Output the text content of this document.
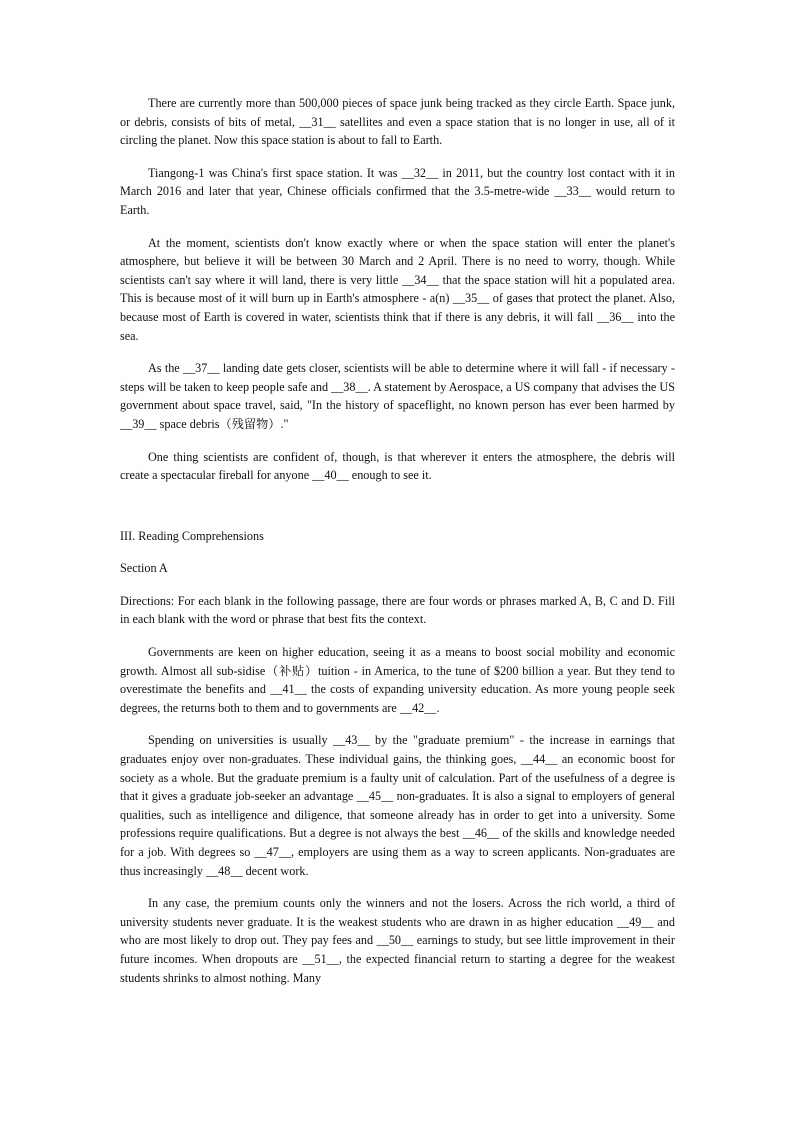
There are currently more than 500,000 pieces of space junk being tracked as they circle Earth. Space junk, or debris, consists of bits of metal, __31__ satellites and even a space station that is no longer in use, all of it circling the planet. Now this space station is about to fall to Earth.

Tiangong-1 was China's first space station. It was __32__ in 2011, but the country lost contact with it in March 2016 and later that year, Chinese officials confirmed that the 3.5-metre-wide __33__ would return to Earth.

At the moment, scientists don't know exactly where or when the space station will enter the planet's atmosphere, but believe it will be between 30 March and 2 April. There is no need to worry, though. While scientists can't say where it will land, there is very little __34__ that the space station will hit a populated area. This is because most of it will burn up in Earth's atmosphere - a(n) __35__ of gases that protect the planet. Also, because most of Earth is covered in water, scientists think that if there is any debris, it will fall __36__ into the sea.

As the __37__ landing date gets closer, scientists will be able to determine where it will fall - if necessary - steps will be taken to keep people safe and __38__. A statement by Aerospace, a US company that advises the US government about space travel, said, "In the history of spaceflight, no known person has ever been harmed by __39__ space debris（残留物）."

One thing scientists are confident of, though, is that wherever it enters the atmosphere, the debris will create a spectacular fireball for anyone __40__ enough to see it.

III. Reading Comprehensions

Section A

Directions: For each blank in the following passage, there are four words or phrases marked A, B, C and D. Fill in each blank with the word or phrase that best fits the context.

Governments are keen on higher education, seeing it as a means to boost social mobility and economic growth. Almost all sub-sidise（补贴）tuition - in America, to the tune of $200 billion a year. But they tend to overestimate the benefits and __41__ the costs of expanding university education. As more young people seek degrees, the returns both to them and to governments are __42__.

Spending on universities is usually __43__ by the "graduate premium" - the increase in earnings that graduates enjoy over non-graduates. These individual gains, the thinking goes, __44__ an economic boost for society as a whole. But the graduate premium is a faulty unit of calculation. Part of the usefulness of a degree is that it gives a graduate job-seeker an advantage __45__ non-graduates. It is also a signal to employers of general qualities, such as intelligence and diligence, that someone already has in order to get into a university. Some professions require qualifications. But a degree is not always the best __46__ of the skills and knowledge needed for a job. With degrees so __47__, employers are using them as a way to screen applicants. Non-graduates are thus increasingly __48__ decent work.

In any case, the premium counts only the winners and not the losers. Across the rich world, a third of university students never graduate. It is the weakest students who are drawn in as higher education __49__ and who are most likely to drop out. They pay fees and __50__ earnings to study, but see little improvement in their future incomes. When dropouts are __51__, the expected financial return to starting a degree for the weakest students shrinks to almost nothing. Many
